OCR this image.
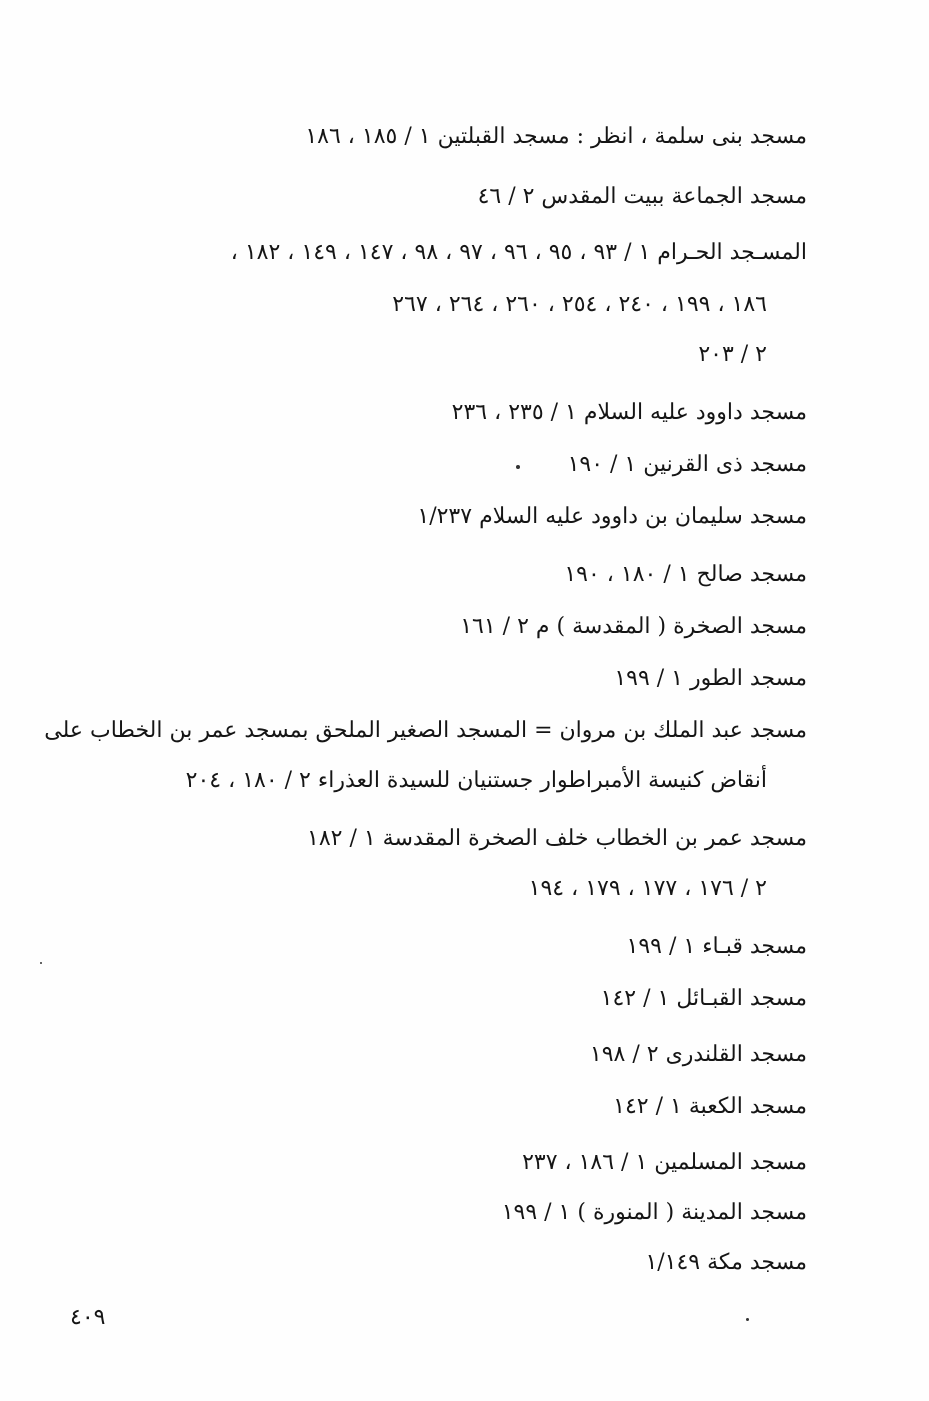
مسجد بنى سلمة ، انظر : مسجد القبلتين ١ / ١٨٥ ، ١٨٦
مسجد الجماعة ببيت المقدس ٢ / ٤٦
المسـجد الحـرام ١ / ٩٣ ، ٩٥ ، ٩٦ ، ٩٧ ، ٩٨ ، ١٤٧ ، ١٤٩ ، ١٨٢ ،
١٨٦ ، ١٩٩ ، ٢٤٠ ، ٢٥٤ ، ٢٦٠ ، ٢٦٤ ، ٢٦٧
٢ / ٢٠٣
مسجد داوود عليه السلام ١ / ٢٣٥ ، ٢٣٦
مسجد ذى القرنين ١ / ١٩٠
مسجد سليمان بن داوود عليه السلام ١/٢٣٧
مسجد صالح ١ / ١٨٠ ، ١٩٠
مسجد الصخرة ( المقدسة ) م ٢ / ١٦١
مسجد الطور ١ / ١٩٩
مسجد عبد الملك بن مروان = المسجد الصغير الملحق بمسجد عمر بن الخطاب على
أنقاض كنيسة الأمبراطوار جستنيان للسيدة العذراء ٢ / ١٨٠ ، ٢٠٤
مسجد عمر بن الخطاب خلف الصخرة المقدسة ١ / ١٨٢
٢ / ١٧٦ ، ١٧٧ ، ١٧٩ ، ١٩٤
مسجد قبـاء ١ / ١٩٩
مسجد القبـائل ١ / ١٤٢
مسجد القلندرى ٢ / ١٩٨
مسجد الكعبة ١ / ١٤٢
مسجد المسلمين ١ / ١٨٦ ، ٢٣٧
مسجد المدينة ( المنورة ) ١ / ١٩٩
مسجد مكة ١/١٤٩
٤٠٩
